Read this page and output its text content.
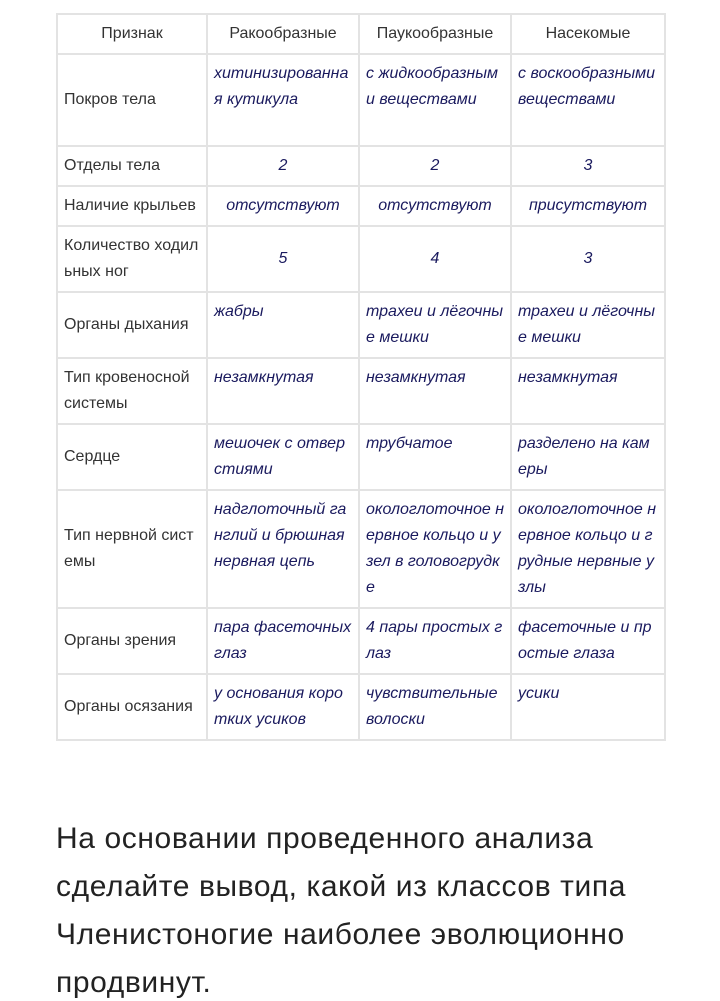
Признак	Ракообразные	Паукообразные	Насекомые
Покров тела	хитинизированная кутикула	с жидкообразными веществами	с воскообразными веществами
Отделы тела	2	2	3
Наличие крыльев	отсутствуют	отсутствуют	присутствуют
Количество ходильных ног	5	4	3
Органы дыхания	жабры	трахеи и лёгочные мешки	трахеи и лёгочные мешки
Тип кровеносной системы	незамкнутая	незамкнутая	незамкнутая
Сердце	мешочек с отверстиями	трубчатое	разделено на камеры
Тип нервной системы	надглоточный ганглий и брюшная нервная цепь	окологлоточное нервное кольцо и узел в головогрудке	окологлоточное нервное кольцо и грудные нервные узлы
Органы зрения	пара фасеточных глаз	4 пары простых глаз	фасеточные и простые глаза
Органы осязания	у основания коротких усиков	чувствительные волоски	усики

На основании проведенного анализа сделайте вывод, какой из классов типа Членистоногие наиболее эволюционно продвинут.
